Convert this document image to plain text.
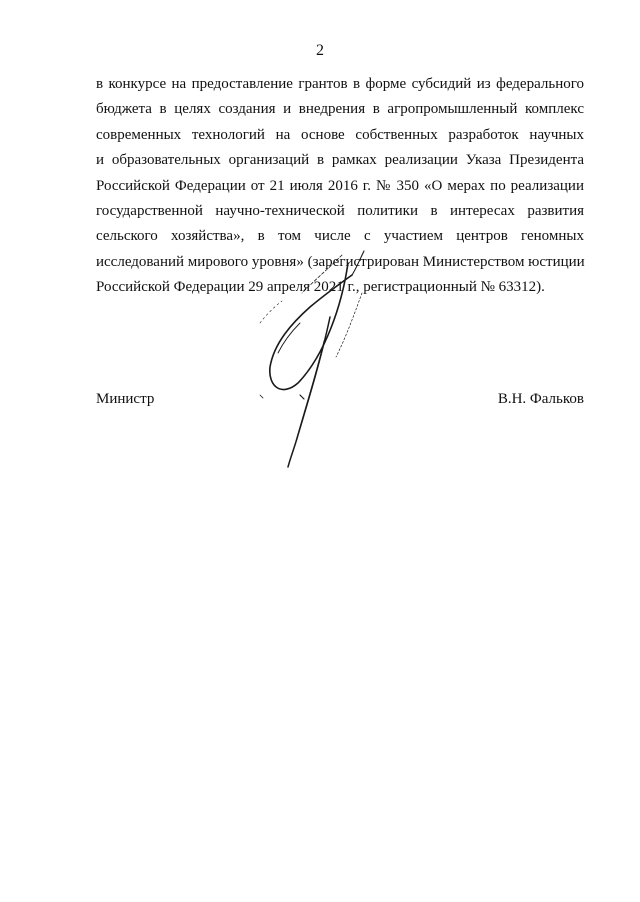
2
в конкурсе на предоставление грантов в форме субсидий из федерального
бюджета в целях создания и внедрения в агропромышленный комплекс
современных технологий на основе собственных разработок научных
и образовательных организаций в рамках реализации Указа Президента
Российской Федерации от 21 июля 2016 г. № 350 «О мерах по реализации
государственной научно-технической политики в интересах развития
сельского хозяйства», в том числе с участием центров геномных
исследований мирового уровня» (зарегистрирован Министерством юстиции
Российской Федерации 29 апреля 2021 г., регистрационный № 63312).
Министр	В.Н. Фальков
